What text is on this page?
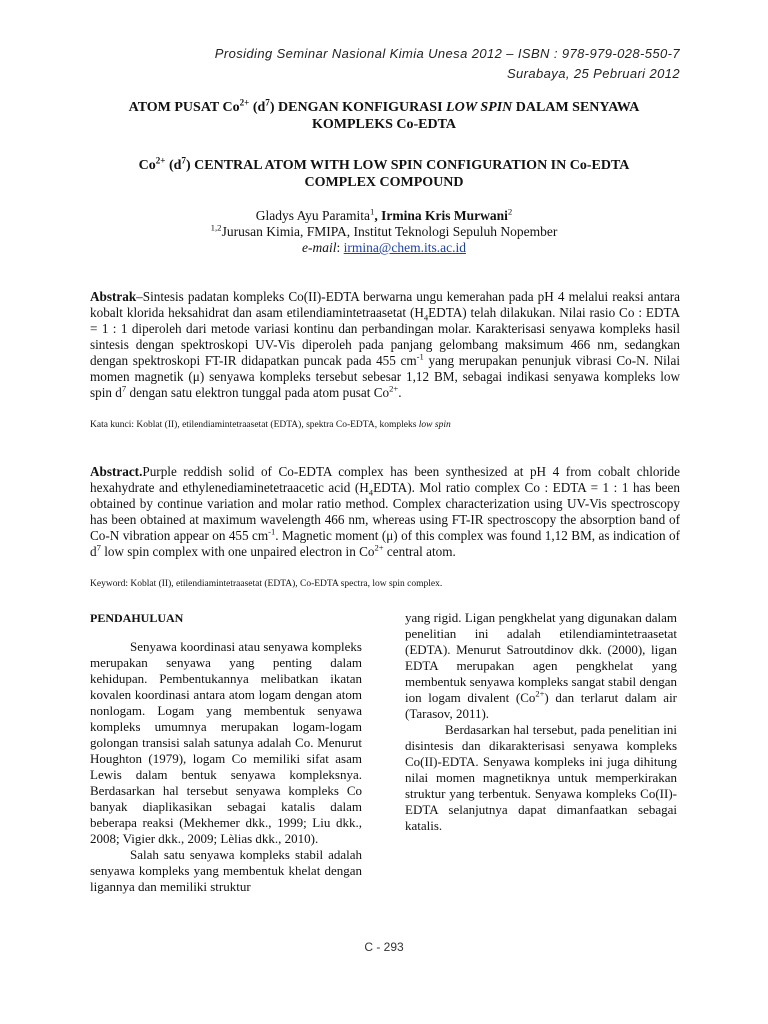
Prosiding Seminar Nasional Kimia Unesa 2012 – ISBN : 978-979-028-550-7
Surabaya, 25 Pebruari 2012
ATOM PUSAT $Co^{2+}$ $(d^7)$ DENGAN KONFIGURASI LOW SPIN DALAM SENYAWA
KOMPLEKS Co-EDTA
$Co^{2+}$ $(d^7)$ CENTRAL ATOM WITH LOW SPIN CONFIGURATION IN Co-EDTA
COMPLEX COMPOUND
Gladys Ayu Paramita$^1$, Irmina Kris Murwani$^2$
$^{1,2}$Jurusan Kimia, FMIPA, Institut Teknologi Sepuluh Nopember
e-mail: irmina@chem.its.ac.id
Abstrak–Sintesis padatan kompleks Co(II)-EDTA berwarna ungu kemerahan pada pH 4 melalui reaksi antara kobalt klorida heksahidrat dan asam etilendiamintetraasetat $(H_4EDTA)$ telah dilakukan. Nilai rasio Co : EDTA = 1 : 1 diperoleh dari metode variasi kontinu dan perbandingan molar. Karakterisasi senyawa kompleks hasil sintesis dengan spektroskopi UV-Vis diperoleh pada panjang gelombang maksimum 466 nm, sedangkan dengan spektroskopi FT-IR didapatkan puncak pada 455 $cm^{-1}$ yang merupakan penunjuk vibrasi Co-N. Nilai momen magnetik (μ) senyawa kompleks tersebut sebesar 1,12 BM, sebagai indikasi senyawa kompleks low spin $d^7$ dengan satu elektron tunggal pada atom pusat $Co^{2+}$.
Kata kunci: Koblat (II), etilendiamintetraasetat (EDTA), spektra Co-EDTA, kompleks low spin
Abstract.Purple reddish solid of Co-EDTA complex has been synthesized at pH 4 from cobalt chloride hexahydrate and ethylenediaminetetraacetic acid $(H_4EDTA)$. Mol ratio complex Co : EDTA = 1 : 1 has been obtained by continue variation and molar ratio method. Complex characterization using UV-Vis spectroscopy has been obtained at maximum wavelength 466 nm, whereas using FT-IR spectroscopy the absorption band of Co-N vibration appear on 455 $cm^{-1}$. Magnetic moment (μ) of this complex was found 1,12 BM, as indication of $d^7$ low spin complex with one unpaired electron in $Co^{2+}$ central atom.
Keyword: Koblat (II), etilendiamintetraasetat (EDTA), Co-EDTA spectra, low spin complex.

PENDAHULUAN

Senyawa koordinasi atau senyawa kompleks merupakan senyawa yang penting dalam kehidupan. Pembentukannya melibatkan ikatan kovalen koordinasi antara atom logam dengan atom nonlogam. Logam yang membentuk senyawa kompleks umumnya merupakan logam-logam golongan transisi salah satunya adalah Co. Menurut Houghton (1979), logam Co memiliki sifat asam Lewis dalam bentuk senyawa kompleksnya. Berdasarkan hal tersebut senyawa kompleks Co banyak diaplikasikan sebagai katalis dalam beberapa reaksi (Mekhemer dkk., 1999; Liu dkk., 2008; Vigier dkk., 2009; Lèlias dkk., 2010).

Salah satu senyawa kompleks stabil adalah senyawa kompleks yang membentuk khelat dengan ligannya dan memiliki struktur

yang rigid. Ligan pengkhelat yang digunakan dalam penelitian ini adalah etilendiamintetraasetat (EDTA). Menurut Satroutdinov dkk. (2000), ligan EDTA merupakan agen pengkhelat yang membentuk senyawa kompleks sangat stabil dengan ion logam divalent $(Co^{2+})$ dan terlarut dalam air (Tarasov, 2011).

Berdasarkan hal tersebut, pada penelitian ini disintesis dan dikarakterisasi senyawa kompleks Co(II)-EDTA. Senyawa kompleks ini juga dihitung nilai momen magnetiknya untuk memperkirakan struktur yang terbentuk. Senyawa kompleks Co(II)-EDTA selanjutnya dapat dimanfaatkan sebagai katalis.

C - 293
